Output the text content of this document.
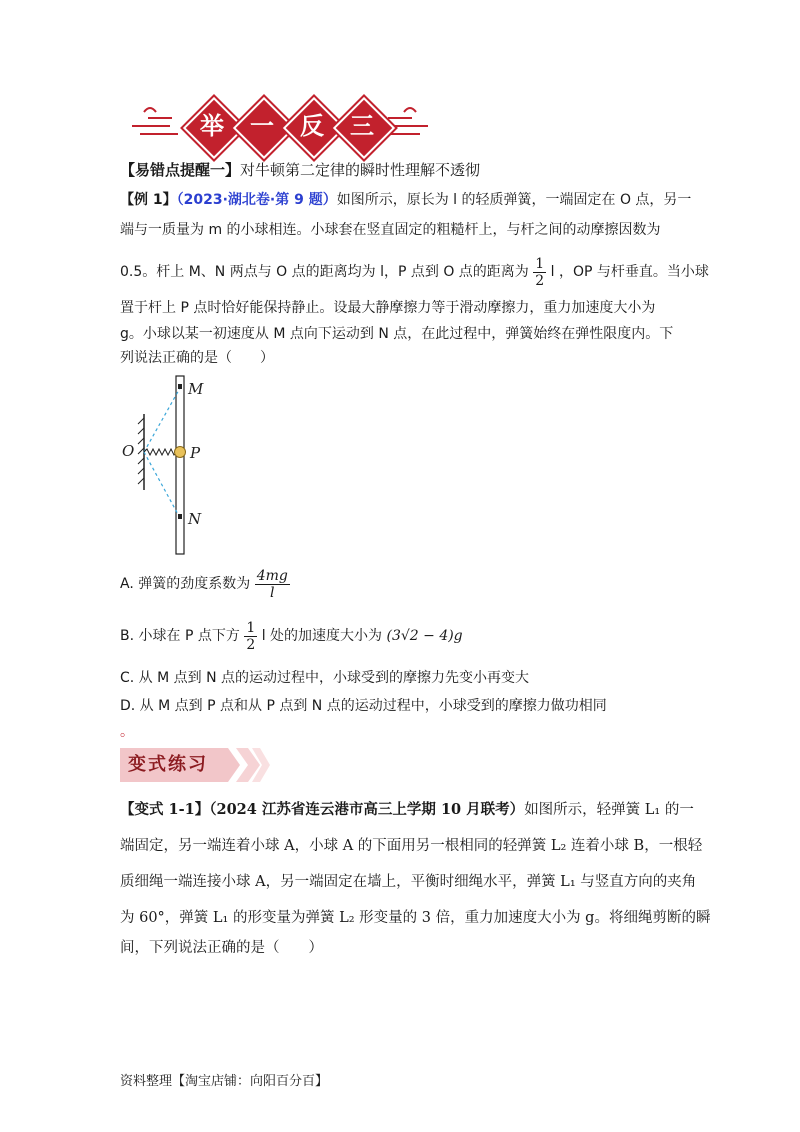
举	一	反	三
【易错点提醒一】对牛顿第二定律的瞬时性理解不透彻
【例 1】（2023·湖北卷·第 9 题）如图所示，原长为 l 的轻质弹簧，一端固定在 O 点，另一
端与一质量为 m 的小球相连。小球套在竖直固定的粗糙杆上，与杆之间的动摩擦因数为
0.5。杆上 M、N 两点与 O 点的距离均为 l，P 点到 O 点的距离为 $\frac{1}{2}$ l ，OP 与杆垂直。当小球
置于杆上 P 点时恰好能保持静止。设最大静摩擦力等于滑动摩擦力，重力加速度大小为
g。小球以某一初速度从 M 点向下运动到 N 点，在此过程中，弹簧始终在弹性限度内。下
列说法正确的是（　　）
M
P
O
N
A. 弹簧的劲度系数为 $\frac{4mg}{l}$
B. 小球在 P 点下方 $\frac{1}{2}$ l 处的加速度大小为 (3√2 − 4)g
C. 从 M 点到 N 点的运动过程中，小球受到的摩擦力先变小再变大
D. 从 M 点到 P 点和从 P 点到 N 点的运动过程中，小球受到的摩擦力做功相同
。
变式练习
【变式 1-1】（2024 江苏省连云港市高三上学期 10 月联考）如图所示，轻弹簧 L₁ 的一
端固定，另一端连着小球 A，小球 A 的下面用另一根相同的轻弹簧 L₂ 连着小球 B，一根轻
质细绳一端连接小球 A，另一端固定在墙上，平衡时细绳水平，弹簧 L₁ 与竖直方向的夹角
为 60°，弹簧 L₁ 的形变量为弹簧 L₂ 形变量的 3 倍，重力加速度大小为 g。将细绳剪断的瞬
间，下列说法正确的是（　　）
资料整理【淘宝店铺：向阳百分百】
